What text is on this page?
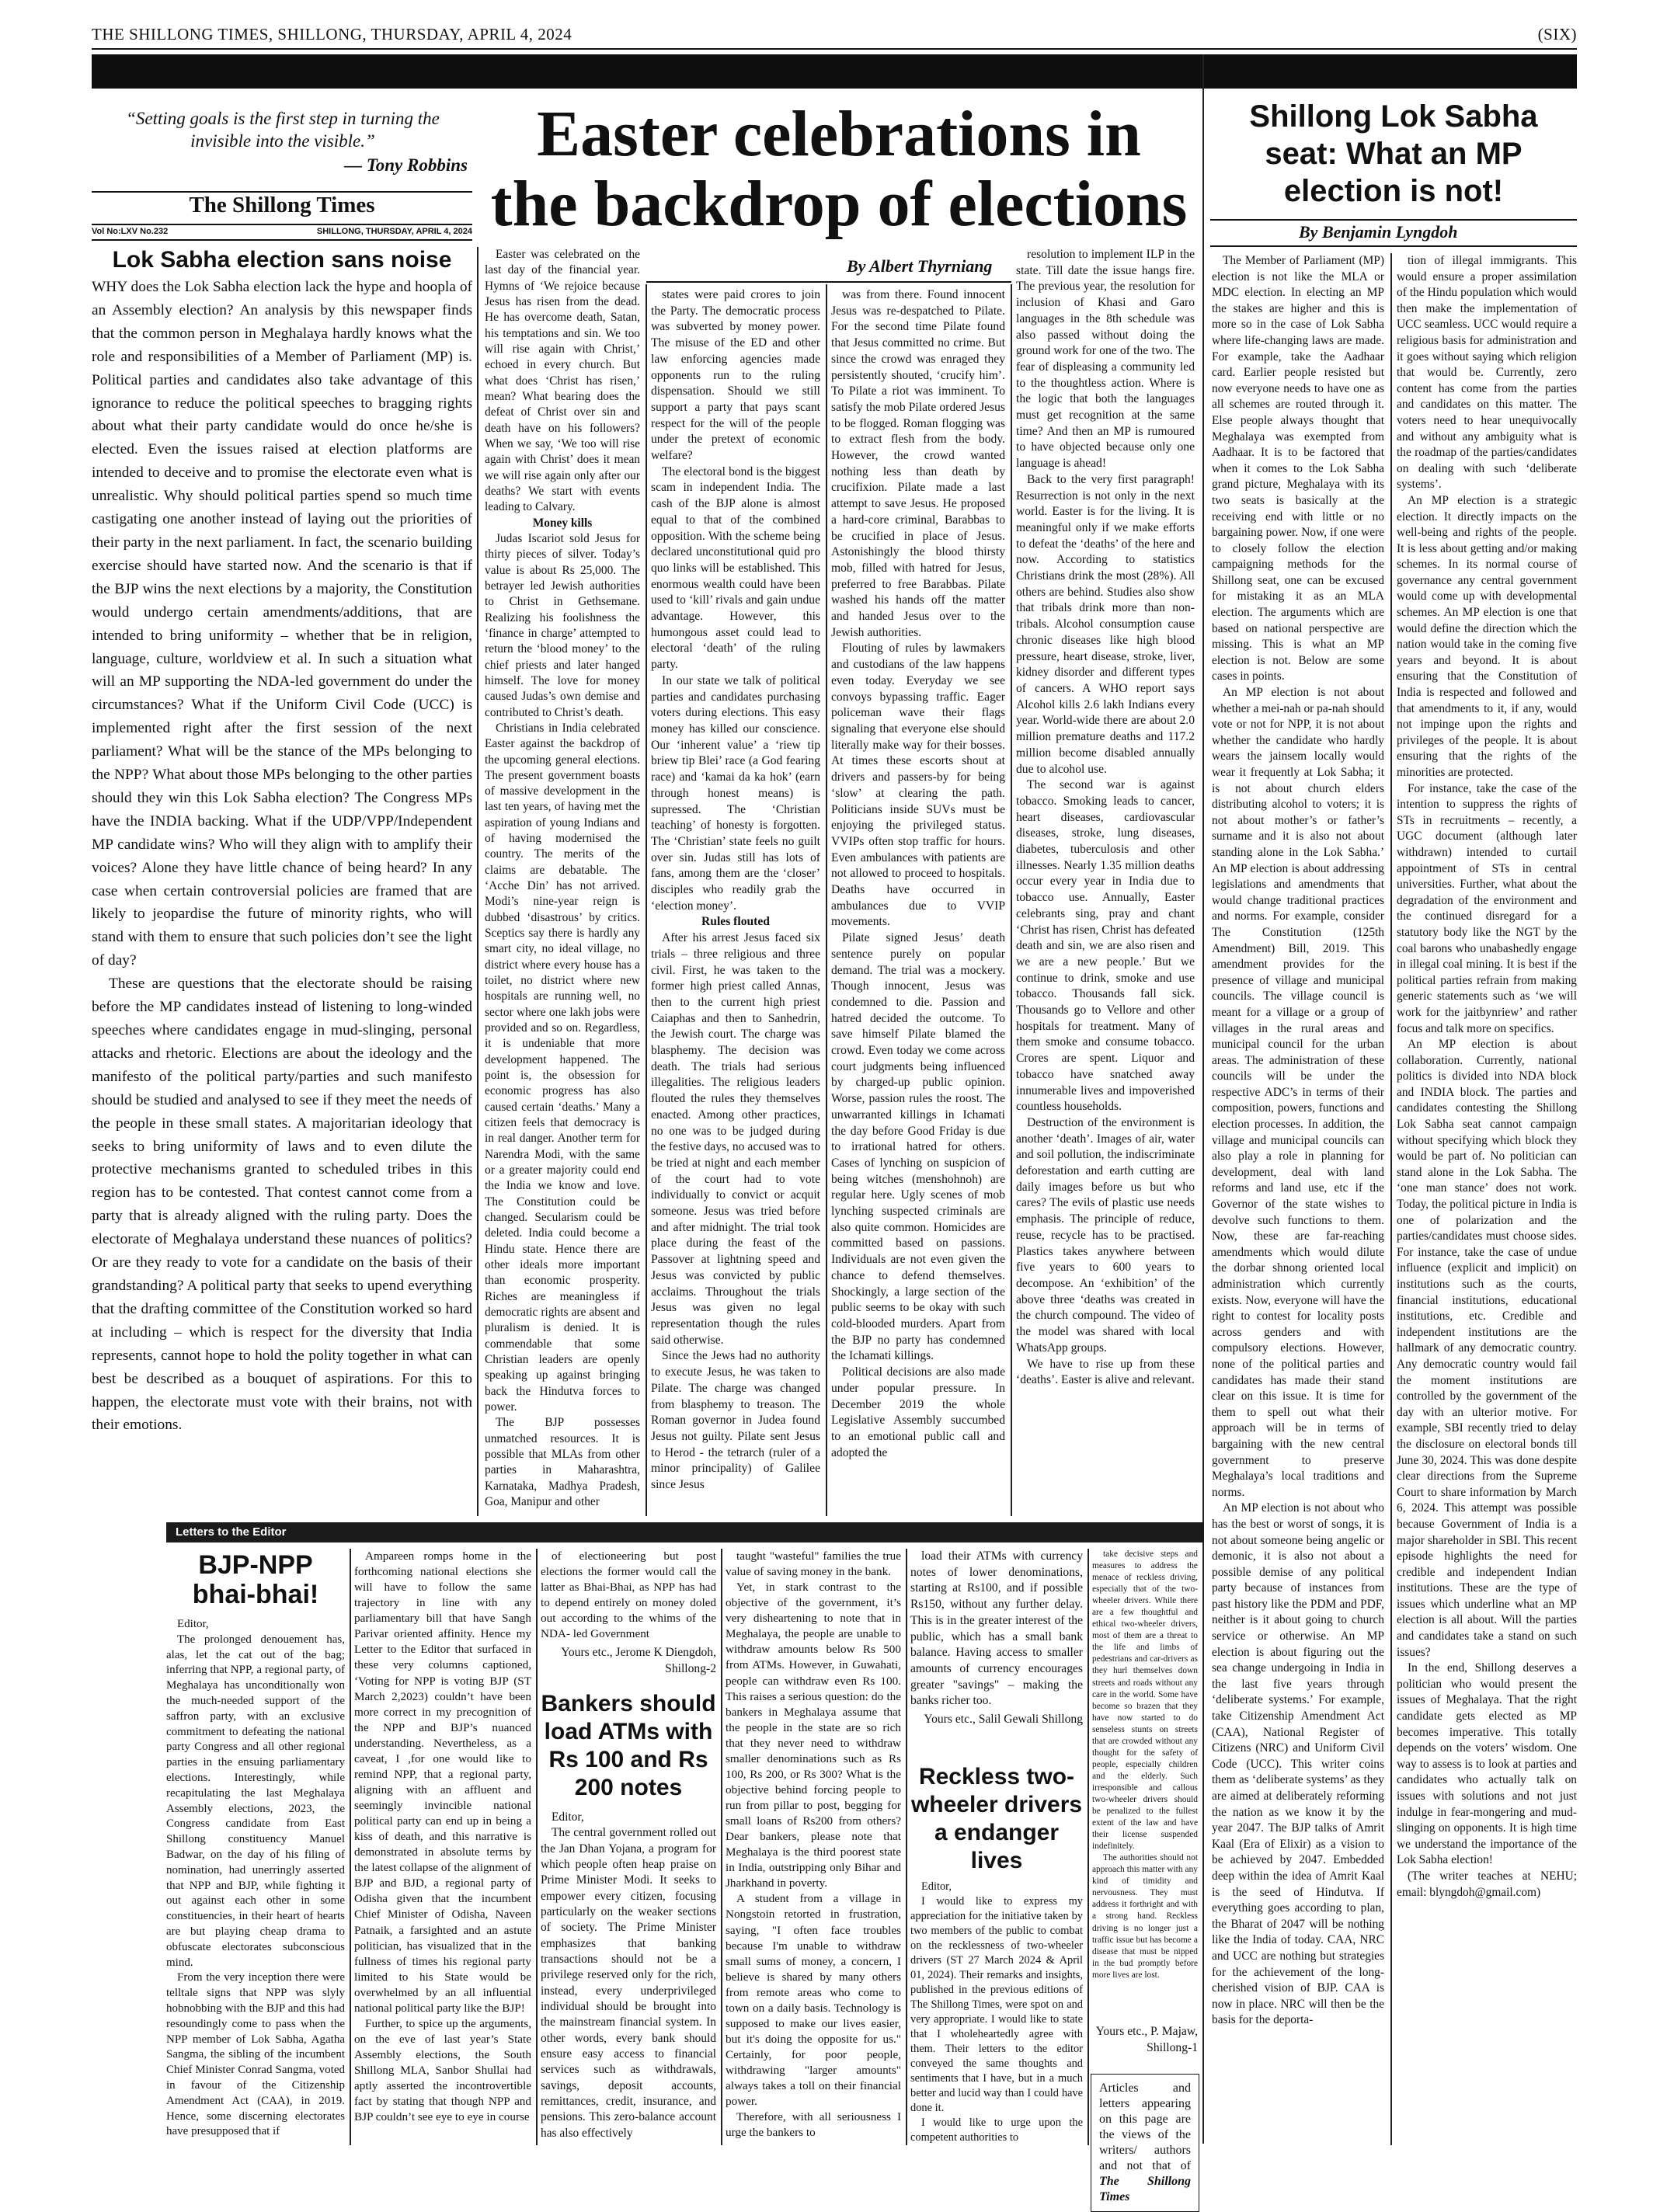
THE SHILLONG TIMES, SHILLONG, THURSDAY, APRIL 4, 2024	(SIX)
“Setting goals is the first step in turning the invisible into the visible.”
— Tony Robbins
The Shillong Times
Vol No:LXV No.232	SHILLONG, THURSDAY, APRIL 4, 2024
Lok Sabha election sans noise

WHY does the Lok Sabha election lack the hype and hoopla of an Assembly election? An analysis by this newspaper finds that the common person in Meghalaya hardly knows what the role and responsibilities of a Member of Parliament (MP) is. Political parties and candidates also take advantage of this ignorance to reduce the political speeches to bragging rights about what their party candidate would do once he/she is elected. Even the issues raised at election platforms are intended to deceive and to promise the electorate even what is unrealistic. Why should political parties spend so much time castigating one another instead of laying out the priorities of their party in the next parliament. In fact, the scenario building exercise should have started now. And the scenario is that if the BJP wins the next elections by a majority, the Constitution would undergo certain amendments/additions, that are intended to bring uniformity – whether that be in religion, language, culture, worldview et al. In such a situation what will an MP supporting the NDA-led government do under the circumstances? What if the Uniform Civil Code (UCC) is implemented right after the first session of the next parliament? What will be the stance of the MPs belonging to the NPP? What about those MPs belonging to the other parties should they win this Lok Sabha election? The Congress MPs have the INDIA backing. What if the UDP/VPP/Independent MP candidate wins? Who will they align with to amplify their voices? Alone they have little chance of being heard? In any case when certain controversial policies are framed that are likely to jeopardise the future of minority rights, who will stand with them to ensure that such policies don’t see the light of day?

These are questions that the electorate should be raising before the MP candidates instead of listening to long-winded speeches where candidates engage in mud-slinging, personal attacks and rhetoric. Elections are about the ideology and the manifesto of the political party/parties and such manifesto should be studied and analysed to see if they meet the needs of the people in these small states. A majoritarian ideology that seeks to bring uniformity of laws and to even dilute the protective mechanisms granted to scheduled tribes in this region has to be contested. That contest cannot come from a party that is already aligned with the ruling party. Does the electorate of Meghalaya understand these nuances of politics? Or are they ready to vote for a candidate on the basis of their grandstanding? A political party that seeks to upend everything that the drafting committee of the Constitution worked so hard at including – which is respect for the diversity that India represents, cannot hope to hold the polity together in what can best be described as a bouquet of aspirations. For this to happen, the electorate must vote with their brains, not with their emotions.

Easter celebrations in the backdrop of elections
By Albert Thyrniang

Easter was celebrated on the last day of the financial year. Hymns of ‘We rejoice because Jesus has risen from the dead. He has overcome death, Satan, his temptations and sin. We too will rise again with Christ,’ echoed in every church. But what does ‘Christ has risen,’ mean? What bearing does the defeat of Christ over sin and death have on his followers? When we say, ‘We too will rise again with Christ’ does it mean we will rise again only after our deaths? We start with events leading to Calvary.

Money kills

Judas Iscariot sold Jesus for thirty pieces of silver. Today’s value is about Rs 25,000. The betrayer led Jewish authorities to Christ in Gethsemane. Realizing his foolishness the ‘finance in charge’ attempted to return the ‘blood money’ to the chief priests and later hanged himself. The love for money caused Judas’s own demise and contributed to Christ’s death.

Christians in India celebrated Easter against the backdrop of the upcoming general elections. The present government boasts of massive development in the last ten years, of having met the aspiration of young Indians and of having modernised the country. The merits of the claims are debatable. The ‘Acche Din’ has not arrived. Modi’s nine-year reign is dubbed ‘disastrous’ by critics. Sceptics say there is hardly any smart city, no ideal village, no district where every house has a toilet, no district where new hospitals are running well, no sector where one lakh jobs were provided and so on. Regardless, it is undeniable that more development happened. The point is, the obsession for economic progress has also caused certain ‘deaths.’ Many a citizen feels that democracy is in real danger. Another term for Narendra Modi, with the same or a greater majority could end the India we know and love. The Constitution could be changed. Secularism could be deleted. India could become a Hindu state. Hence there are other ideals more important than economic prosperity. Riches are meaningless if democratic rights are absent and pluralism is denied. It is commendable that some Christian leaders are openly speaking up against bringing back the Hindutva forces to power.

The BJP possesses unmatched resources. It is possible that MLAs from other parties in Maharashtra, Karnataka, Madhya Pradesh, Goa, Manipur and other

states were paid crores to join the Party. The democratic process was subverted by money power. The misuse of the ED and other law enforcing agencies made opponents run to the ruling dispensation. Should we still support a party that pays scant respect for the will of the people under the pretext of economic welfare?

The electoral bond is the biggest scam in independent India. The cash of the BJP alone is almost equal to that of the combined opposition. With the scheme being declared unconstitutional quid pro quo links will be established. This enormous wealth could have been used to ‘kill’ rivals and gain undue advantage. However, this humongous asset could lead to electoral ‘death’ of the ruling party.

In our state we talk of political parties and candidates purchasing voters during elections. This easy money has killed our conscience. Our ‘inherent value’ a ‘riew tip briew tip Blei’ race (a God fearing race) and ‘kamai da ka hok’ (earn through honest means) is supressed. The ‘Christian teaching’ of honesty is forgotten. The ‘Christian’ state feels no guilt over sin. Judas still has lots of fans, among them are the ‘closer’ disciples who readily grab the ‘election money’.

Rules flouted

After his arrest Jesus faced six trials – three religious and three civil. First, he was taken to the former high priest called Annas, then to the current high priest Caiaphas and then to Sanhedrin, the Jewish court. The charge was blasphemy. The decision was death. The trials had serious illegalities. The religious leaders flouted the rules they themselves enacted. Among other practices, no one was to be judged during the festive days, no accused was to be tried at night and each member of the court had to vote individually to convict or acquit someone. Jesus was tried before and after midnight. The trial took place during the feast of the Passover at lightning speed and Jesus was convicted by public acclaims. Throughout the trials Jesus was given no legal representation though the rules said otherwise.

Since the Jews had no authority to execute Jesus, he was taken to Pilate. The charge was changed from blasphemy to treason. The Roman governor in Judea found Jesus not guilty. Pilate sent Jesus to Herod - the tetrarch (ruler of a minor principality) of Galilee since Jesus

was from there. Found innocent Jesus was re-despatched to Pilate. For the second time Pilate found that Jesus committed no crime. But since the crowd was enraged they persistently shouted, ‘crucify him’. To Pilate a riot was imminent. To satisfy the mob Pilate ordered Jesus to be flogged. Roman flogging was to extract flesh from the body. However, the crowd wanted nothing less than death by crucifixion. Pilate made a last attempt to save Jesus. He proposed a hard-core criminal, Barabbas to be crucified in place of Jesus. Astonishingly the blood thirsty mob, filled with hatred for Jesus, preferred to free Barabbas. Pilate washed his hands off the matter and handed Jesus over to the Jewish authorities.

Flouting of rules by lawmakers and custodians of the law happens even today. Everyday we see convoys bypassing traffic. Eager policeman wave their flags signaling that everyone else should literally make way for their bosses. At times these escorts shout at drivers and passers-by for being ‘slow’ at clearing the path. Politicians inside SUVs must be enjoying the privileged status. VVIPs often stop traffic for hours. Even ambulances with patients are not allowed to proceed to hospitals. Deaths have occurred in ambulances due to VVIP movements.

Pilate signed Jesus’ death sentence purely on popular demand. The trial was a mockery. Though innocent, Jesus was condemned to die. Passion and hatred decided the outcome. To save himself Pilate blamed the crowd. Even today we come across court judgments being influenced by charged-up public opinion. Worse, passion rules the roost. The unwarranted killings in Ichamati the day before Good Friday is due to irrational hatred for others. Cases of lynching on suspicion of being witches (menshohnoh) are regular here. Ugly scenes of mob lynching suspected criminals are also quite common. Homicides are committed based on passions. Individuals are not even given the chance to defend themselves. Shockingly, a large section of the public seems to be okay with such cold-blooded murders. Apart from the BJP no party has condemned the Ichamati killings.

Political decisions are also made under popular pressure. In December 2019 the whole Legislative Assembly succumbed to an emotional public call and adopted the

resolution to implement ILP in the state. Till date the issue hangs fire. The previous year, the resolution for inclusion of Khasi and Garo languages in the 8th schedule was also passed without doing the ground work for one of the two. The fear of displeasing a community led to the thoughtless action. Where is the logic that both the languages must get recognition at the same time? And then an MP is rumoured to have objected because only one language is ahead!

Back to the very first paragraph! Resurrection is not only in the next world. Easter is for the living. It is meaningful only if we make efforts to defeat the ‘deaths’ of the here and now. According to statistics Christians drink the most (28%). All others are behind. Studies also show that tribals drink more than non-tribals. Alcohol consumption cause chronic diseases like high blood pressure, heart disease, stroke, liver, kidney disorder and different types of cancers. A WHO report says Alcohol kills 2.6 lakh Indians every year. World-wide there are about 2.0 million premature deaths and 117.2 million become disabled annually due to alcohol use.

The second war is against tobacco. Smoking leads to cancer, heart diseases, cardiovascular diseases, stroke, lung diseases, diabetes, tuberculosis and other illnesses. Nearly 1.35 million deaths occur every year in India due to tobacco use. Annually, Easter celebrants sing, pray and chant ‘Christ has risen, Christ has defeated death and sin, we are also risen and we are a new people.’ But we continue to drink, smoke and use tobacco. Thousands fall sick. Thousands go to Vellore and other hospitals for treatment. Many of them smoke and consume tobacco. Crores are spent. Liquor and tobacco have snatched away innumerable lives and impoverished countless households.

Destruction of the environment is another ‘death’. Images of air, water and soil pollution, the indiscriminate deforestation and earth cutting are daily images before us but who cares? The evils of plastic use needs emphasis. The principle of reduce, reuse, recycle has to be practised. Plastics takes anywhere between five years to 600 years to decompose. An ‘exhibition’ of the above three ‘deaths was created in the church compound. The video of the model was shared with local WhatsApp groups.

We have to rise up from these ‘deaths’. Easter is alive and relevant.

Shillong Lok Sabha seat: What an MP election is not!
By Benjamin Lyngdoh

The Member of Parliament (MP) election is not like the MLA or MDC election. In electing an MP the stakes are higher and this is more so in the case of Lok Sabha where life-changing laws are made. For example, take the Aadhaar card. Earlier people resisted but now everyone needs to have one as all schemes are routed through it. Else people always thought that Meghalaya was exempted from Aadhaar. It is to be factored that when it comes to the Lok Sabha grand picture, Meghalaya with its two seats is basically at the receiving end with little or no bargaining power. Now, if one were to closely follow the election campaigning methods for the Shillong seat, one can be excused for mistaking it as an MLA election. The arguments which are based on national perspective are missing. This is what an MP election is not. Below are some cases in points.

An MP election is not about whether a mei-nah or pa-nah should vote or not for NPP, it is not about whether the candidate who hardly wears the jainsem locally would wear it frequently at Lok Sabha; it is not about church elders distributing alcohol to voters; it is not about mother’s or father’s surname and it is also not about standing alone in the Lok Sabha.’ An MP election is about addressing legislations and amendments that would change traditional practices and norms. For example, consider The Constitution (125th Amendment) Bill, 2019. This amendment provides for the presence of village and municipal councils. The village council is meant for a village or a group of villages in the rural areas and municipal council for the urban areas. The administration of these councils will be under the respective ADC’s in terms of their composition, powers, functions and election processes. In addition, the village and municipal councils can also play a role in planning for development, deal with land reforms and land use, etc if the Governor of the state wishes to devolve such functions to them. Now, these are far-reaching amendments which would dilute the dorbar shnong oriented local administration which currently exists. Now, everyone will have the right to contest for locality posts across genders and with compulsory elections. However, none of the political parties and candidates has made their stand clear on this issue. It is time for them to spell out what their approach will be in terms of bargaining with the new central government to preserve Meghalaya’s local traditions and norms.

An MP election is not about who has the best or worst of songs, it is not about someone being angelic or demonic, it is also not about a possible demise of any political party because of instances from past history like the PDM and PDF, neither is it about going to church service or otherwise. An MP election is about figuring out the sea change undergoing in India in the last five years through ‘deliberate systems.’ For example, take Citizenship Amendment Act (CAA), National Register of Citizens (NRC) and Uniform Civil Code (UCC). This writer coins them as ‘deliberate systems’ as they are aimed at deliberately reforming the nation as we know it by the year 2047. The BJP talks of Amrit Kaal (Era of Elixir) as a vision to be achieved by 2047. Embedded deep within the idea of Amrit Kaal is the seed of Hindutva. If everything goes according to plan, the Bharat of 2047 will be nothing like the India of today. CAA, NRC and UCC are nothing but strategies for the achievement of the long-cherished vision of BJP. CAA is now in place. NRC will then be the basis for the deporta-

tion of illegal immigrants. This would ensure a proper assimilation of the Hindu population which would then make the implementation of UCC seamless. UCC would require a religious basis for administration and it goes without saying which religion that would be. Currently, zero content has come from the parties and candidates on this matter. The voters need to hear unequivocally and without any ambiguity what is the roadmap of the parties/candidates on dealing with such ‘deliberate systems’.

An MP election is a strategic election. It directly impacts on the well-being and rights of the people. It is less about getting and/or making schemes. In its normal course of governance any central government would come up with developmental schemes. An MP election is one that would define the direction which the nation would take in the coming five years and beyond. It is about ensuring that the Constitution of India is respected and followed and that amendments to it, if any, would not impinge upon the rights and privileges of the people. It is about ensuring that the rights of the minorities are protected.

For instance, take the case of the intention to suppress the rights of STs in recruitments – recently, a UGC document (although later withdrawn) intended to curtail appointment of STs in central universities. Further, what about the degradation of the environment and the continued disregard for a statutory body like the NGT by the coal barons who unabashedly engage in illegal coal mining. It is best if the political parties refrain from making generic statements such as ‘we will work for the jaitbynriew’ and rather focus and talk more on specifics.

An MP election is about collaboration. Currently, national politics is divided into NDA block and INDIA block. The parties and candidates contesting the Shillong Lok Sabha seat cannot campaign without specifying which block they would be part of. No politician can stand alone in the Lok Sabha. The ‘one man stance’ does not work. Today, the political picture in India is one of polarization and the parties/candidates must choose sides. For instance, take the case of undue influence (explicit and implicit) on institutions such as the courts, financial institutions, educational institutions, etc. Credible and independent institutions are the hallmark of any democratic country. Any democratic country would fail the moment institutions are controlled by the government of the day with an ulterior motive. For example, SBI recently tried to delay the disclosure on electoral bonds till June 30, 2024. This was done despite clear directions from the Supreme Court to share information by March 6, 2024. This attempt was possible because Government of India is a major shareholder in SBI. This recent episode highlights the need for credible and independent Indian institutions. These are the type of issues which underline what an MP election is all about. Will the parties and candidates take a stand on such issues?

In the end, Shillong deserves a politician who would present the issues of Meghalaya. That the right candidate gets elected as MP becomes imperative. This totally depends on the voters’ wisdom. One way to assess is to look at parties and candidates who actually talk on issues with solutions and not just indulge in fear-mongering and mud-slinging on opponents. It is high time we understand the importance of the Lok Sabha election!

(The writer teaches at NEHU; email: blyngdoh@gmail.com)

Letters to the Editor
BJP-NPP bhai-bhai!

Editor,

The prolonged denouement has, alas, let the cat out of the bag; inferring that NPP, a regional party, of Meghalaya has unconditionally won the much-needed support of the saffron party, with an exclusive commitment to defeating the national party Congress and all other regional parties in the ensuing parliamentary elections. Interestingly, while recapitulating the last Meghalaya Assembly elections, 2023, the Congress candidate from East Shillong constituency Manuel Badwar, on the day of his filing of nomination, had unerringly asserted that NPP and BJP, while fighting it out against each other in some constituencies, in their heart of hearts are but playing cheap drama to obfuscate electorates subconscious mind.

From the very inception there were telltale signs that NPP was slyly hobnobbing with the BJP and this had resoundingly come to pass when the NPP member of Lok Sabha, Agatha Sangma, the sibling of the incumbent Chief Minister Conrad Sangma, voted in favour of the Citizenship Amendment Act (CAA), in 2019. Hence, some discerning electorates have presupposed that if

Ampareen romps home in the forthcoming national elections she will have to follow the same trajectory in line with any parliamentary bill that have Sangh Parivar oriented affinity. Hence my Letter to the Editor that surfaced in these very columns captioned, ‘Voting for NPP is voting BJP (ST March 2,2023) couldn’t have been more correct in my precognition of the NPP and BJP’s nuanced understanding. Nevertheless, as a caveat, I ,for one would like to remind NPP, that a regional party, aligning with an affluent and seemingly invincible national political party can end up in being a kiss of death, and this narrative is demonstrated in absolute terms by the latest collapse of the alignment of BJP and BJD, a regional party of Odisha given that the incumbent Chief Minister of Odisha, Naveen Patnaik, a farsighted and an astute politician, has visualized that in the fullness of times his regional party limited to his State would be overwhelmed by an all influential national political party like the BJP!

Further, to spice up the arguments, on the eve of last year’s State Assembly elections, the South Shillong MLA, Sanbor Shullai had aptly asserted the incontrovertible fact by stating that though NPP and BJP couldn’t see eye to eye in course

of electioneering but post elections the former would call the latter as Bhai-Bhai, as NPP has had to depend entirely on money doled out according to the whims of the NDA- led Government

Yours etc., Jerome K Diengdoh, Shillong-2

Bankers should load ATMs with Rs 100 and Rs 200 notes

Editor,

The central government rolled out the Jan Dhan Yojana, a program for which people often heap praise on Prime Minister Modi. It seeks to empower every citizen, focusing particularly on the weaker sections of society. The Prime Minister emphasizes that banking transactions should not be a privilege reserved only for the rich, instead, every underprivileged individual should be brought into the mainstream financial system. In other words, every bank should ensure easy access to financial services such as withdrawals, savings, deposit accounts, remittances, credit, insurance, and pensions. This zero-balance account has also effectively

taught "wasteful" families the true value of saving money in the bank.

Yet, in stark contrast to the objective of the government, it’s very disheartening to note that in Meghalaya, the people are unable to withdraw amounts below Rs 500 from ATMs. However, in Guwahati, people can withdraw even Rs 100. This raises a serious question: do the bankers in Meghalaya assume that the people in the state are so rich that they never need to withdraw smaller denominations such as Rs 100, Rs 200, or Rs 300? What is the objective behind forcing people to run from pillar to post, begging for small loans of Rs200 from others? Dear bankers, please note that Meghalaya is the third poorest state in India, outstripping only Bihar and Jharkhand in poverty.

A student from a village in Nongstoin retorted in frustration, saying, "I often face troubles because I'm unable to withdraw small sums of money, a concern, I believe is shared by many others from remote areas who come to town on a daily basis. Technology is supposed to make our lives easier, but it's doing the opposite for us." Certainly, for poor people, withdrawing "larger amounts" always takes a toll on their financial power.

Therefore, with all seriousness I urge the bankers to

load their ATMs with currency notes of lower denominations, starting at Rs100, and if possible Rs150, without any further delay. This is in the greater interest of the public, which has a small bank balance. Having access to smaller amounts of currency encourages greater "savings" – making the banks richer too.

Yours etc., Salil Gewali Shillong

Reckless two-wheeler drivers a endanger lives

Editor,

I would like to express my appreciation for the initiative taken by two members of the public to combat on the recklessness of two-wheeler drivers (ST 27 March 2024 & April 01, 2024). Their remarks and insights, published in the previous editions of The Shillong Times, were spot on and very appropriate. I would like to state that I wholeheartedly agree with them. Their letters to the editor conveyed the same thoughts and sentiments that I have, but in a much better and lucid way than I could have done it.

I would like to urge upon the competent authorities to

take decisive steps and measures to address the menace of reckless driving, especially that of the two-wheeler drivers. While there are a few thoughtful and ethical two-wheeler drivers, most of them are a threat to the life and limbs of pedestrians and car-drivers as they hurl themselves down streets and roads without any care in the world. Some have become so brazen that they have now started to do senseless stunts on streets that are crowded without any thought for the safety of people, especially children and the elderly. Such irresponsible and callous two-wheeler drivers should be penalized to the fullest extent of the law and have their license suspended indefinitely.

The authorities should not approach this matter with any kind of timidity and nervousness. They must address it forthright and with a strong hand. Reckless driving is no longer just a traffic issue but has become a disease that must be nipped in the bud promptly before more lives are lost.

Yours etc., P. Majaw, Shillong-1

Articles and letters appearing on this page are the views of the writers/ authors and not that of The Shillong Times
